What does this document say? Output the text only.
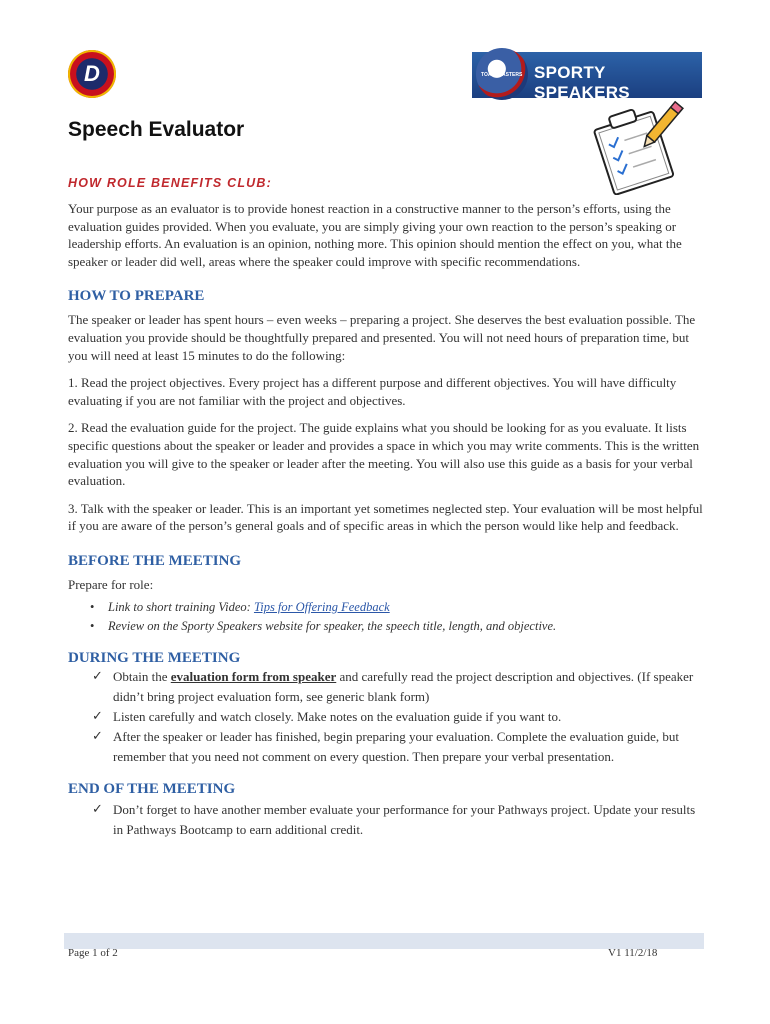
D	TOASTMASTERS SPORTY SPEAKERS
Speech Evaluator
HOW ROLE BENEFITS CLUB:

Your purpose as an evaluator is to provide honest reaction in a constructive manner to the person’s efforts, using the evaluation guides provided. When you evaluate, you are simply giving your own reaction to the person’s speaking or leadership efforts. An evaluation is an opinion, nothing more. This opinion should mention the effect on you, what the speaker or leader did well, areas where the speaker could improve with specific recommendations.

HOW TO PREPARE

The speaker or leader has spent hours – even weeks – preparing a project. She deserves the best evaluation possible. The evaluation you provide should be thoughtfully prepared and presented. You will not need hours of preparation time, but you will need at least 15 minutes to do the following:

1. Read the project objectives. Every project has a different purpose and different objectives. You will have difficulty evaluating if you are not familiar with the project and objectives.

2. Read the evaluation guide for the project. The guide explains what you should be looking for as you evaluate. It lists specific questions about the speaker or leader and provides a space in which you may write comments. This is the written evaluation you will give to the speaker or leader after the meeting. You will also use this guide as a basis for your verbal evaluation.

3. Talk with the speaker or leader. This is an important yet sometimes neglected step. Your evaluation will be most helpful if you are aware of the person’s general goals and of specific areas in which the person would like help and feedback.

BEFORE THE MEETING

Prepare for role:

• Link to short training Video: Tips for Offering Feedback
• Review on the Sporty Speakers website for speaker, the speech title, length, and objective.
DURING THE MEETING
✓ Obtain the evaluation form from speaker and carefully read the project description and objectives. (If speaker didn’t bring project evaluation form, see generic blank form)
✓ Listen carefully and watch closely. Make notes on the evaluation guide if you want to.
✓ After the speaker or leader has finished, begin preparing your evaluation. Complete the evaluation guide, but remember that you need not comment on every question. Then prepare your verbal presentation.
END OF THE MEETING
✓ Don’t forget to have another member evaluate your performance for your Pathways project. Update your results in Pathways Bootcamp to earn additional credit.
Page 1 of 2	V1 11/2/18
